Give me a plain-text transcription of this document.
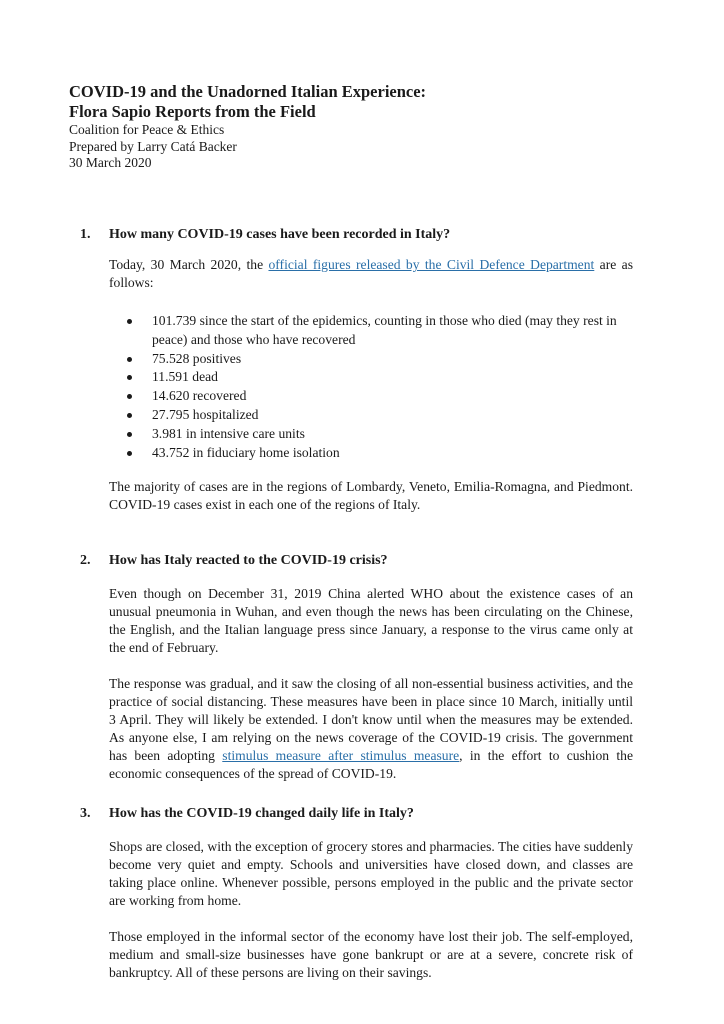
COVID-19 and the Unadorned Italian Experience:

Flora Sapio Reports from the Field

Coalition for Peace & Ethics

Prepared by Larry Catá Backer

30 March 2020

1. How many COVID-19 cases have been recorded in Italy?

Today, 30 March 2020, the official figures released by the Civil Defence Department are as follows:

101.739 since the start of the epidemics, counting in those who died (may they rest in peace) and those who have recovered
75.528 positives
11.591 dead
14.620 recovered
27.795 hospitalized
3.981 in intensive care units
43.752 in fiduciary home isolation

The majority of cases are in the regions of Lombardy, Veneto, Emilia-Romagna, and Piedmont. COVID-19 cases exist in each one of the regions of Italy.

2. How has Italy reacted to the COVID-19 crisis?

Even though on December 31, 2019 China alerted WHO about the existence cases of an unusual pneumonia in Wuhan, and even though the news has been circulating on the Chinese, the English, and the Italian language press since January, a response to the virus came only at the end of February.

The response was gradual, and it saw the closing of all non-essential business activities, and the practice of social distancing. These measures have been in place since 10 March, initially until 3 April. They will likely be extended. I don't know until when the measures may be extended. As anyone else, I am relying on the news coverage of the COVID-19 crisis. The government has been adopting stimulus measure after stimulus measure, in the effort to cushion the economic consequences of the spread of COVID-19.

3. How has the COVID-19 changed daily life in Italy?

Shops are closed, with the exception of grocery stores and pharmacies. The cities have suddenly become very quiet and empty. Schools and universities have closed down, and classes are taking place online. Whenever possible, persons employed in the public and the private sector are working from home.

Those employed in the informal sector of the economy have lost their job. The self-employed, medium and small-size businesses have gone bankrupt or are at a severe, concrete risk of bankruptcy. All of these persons are living on their savings.
